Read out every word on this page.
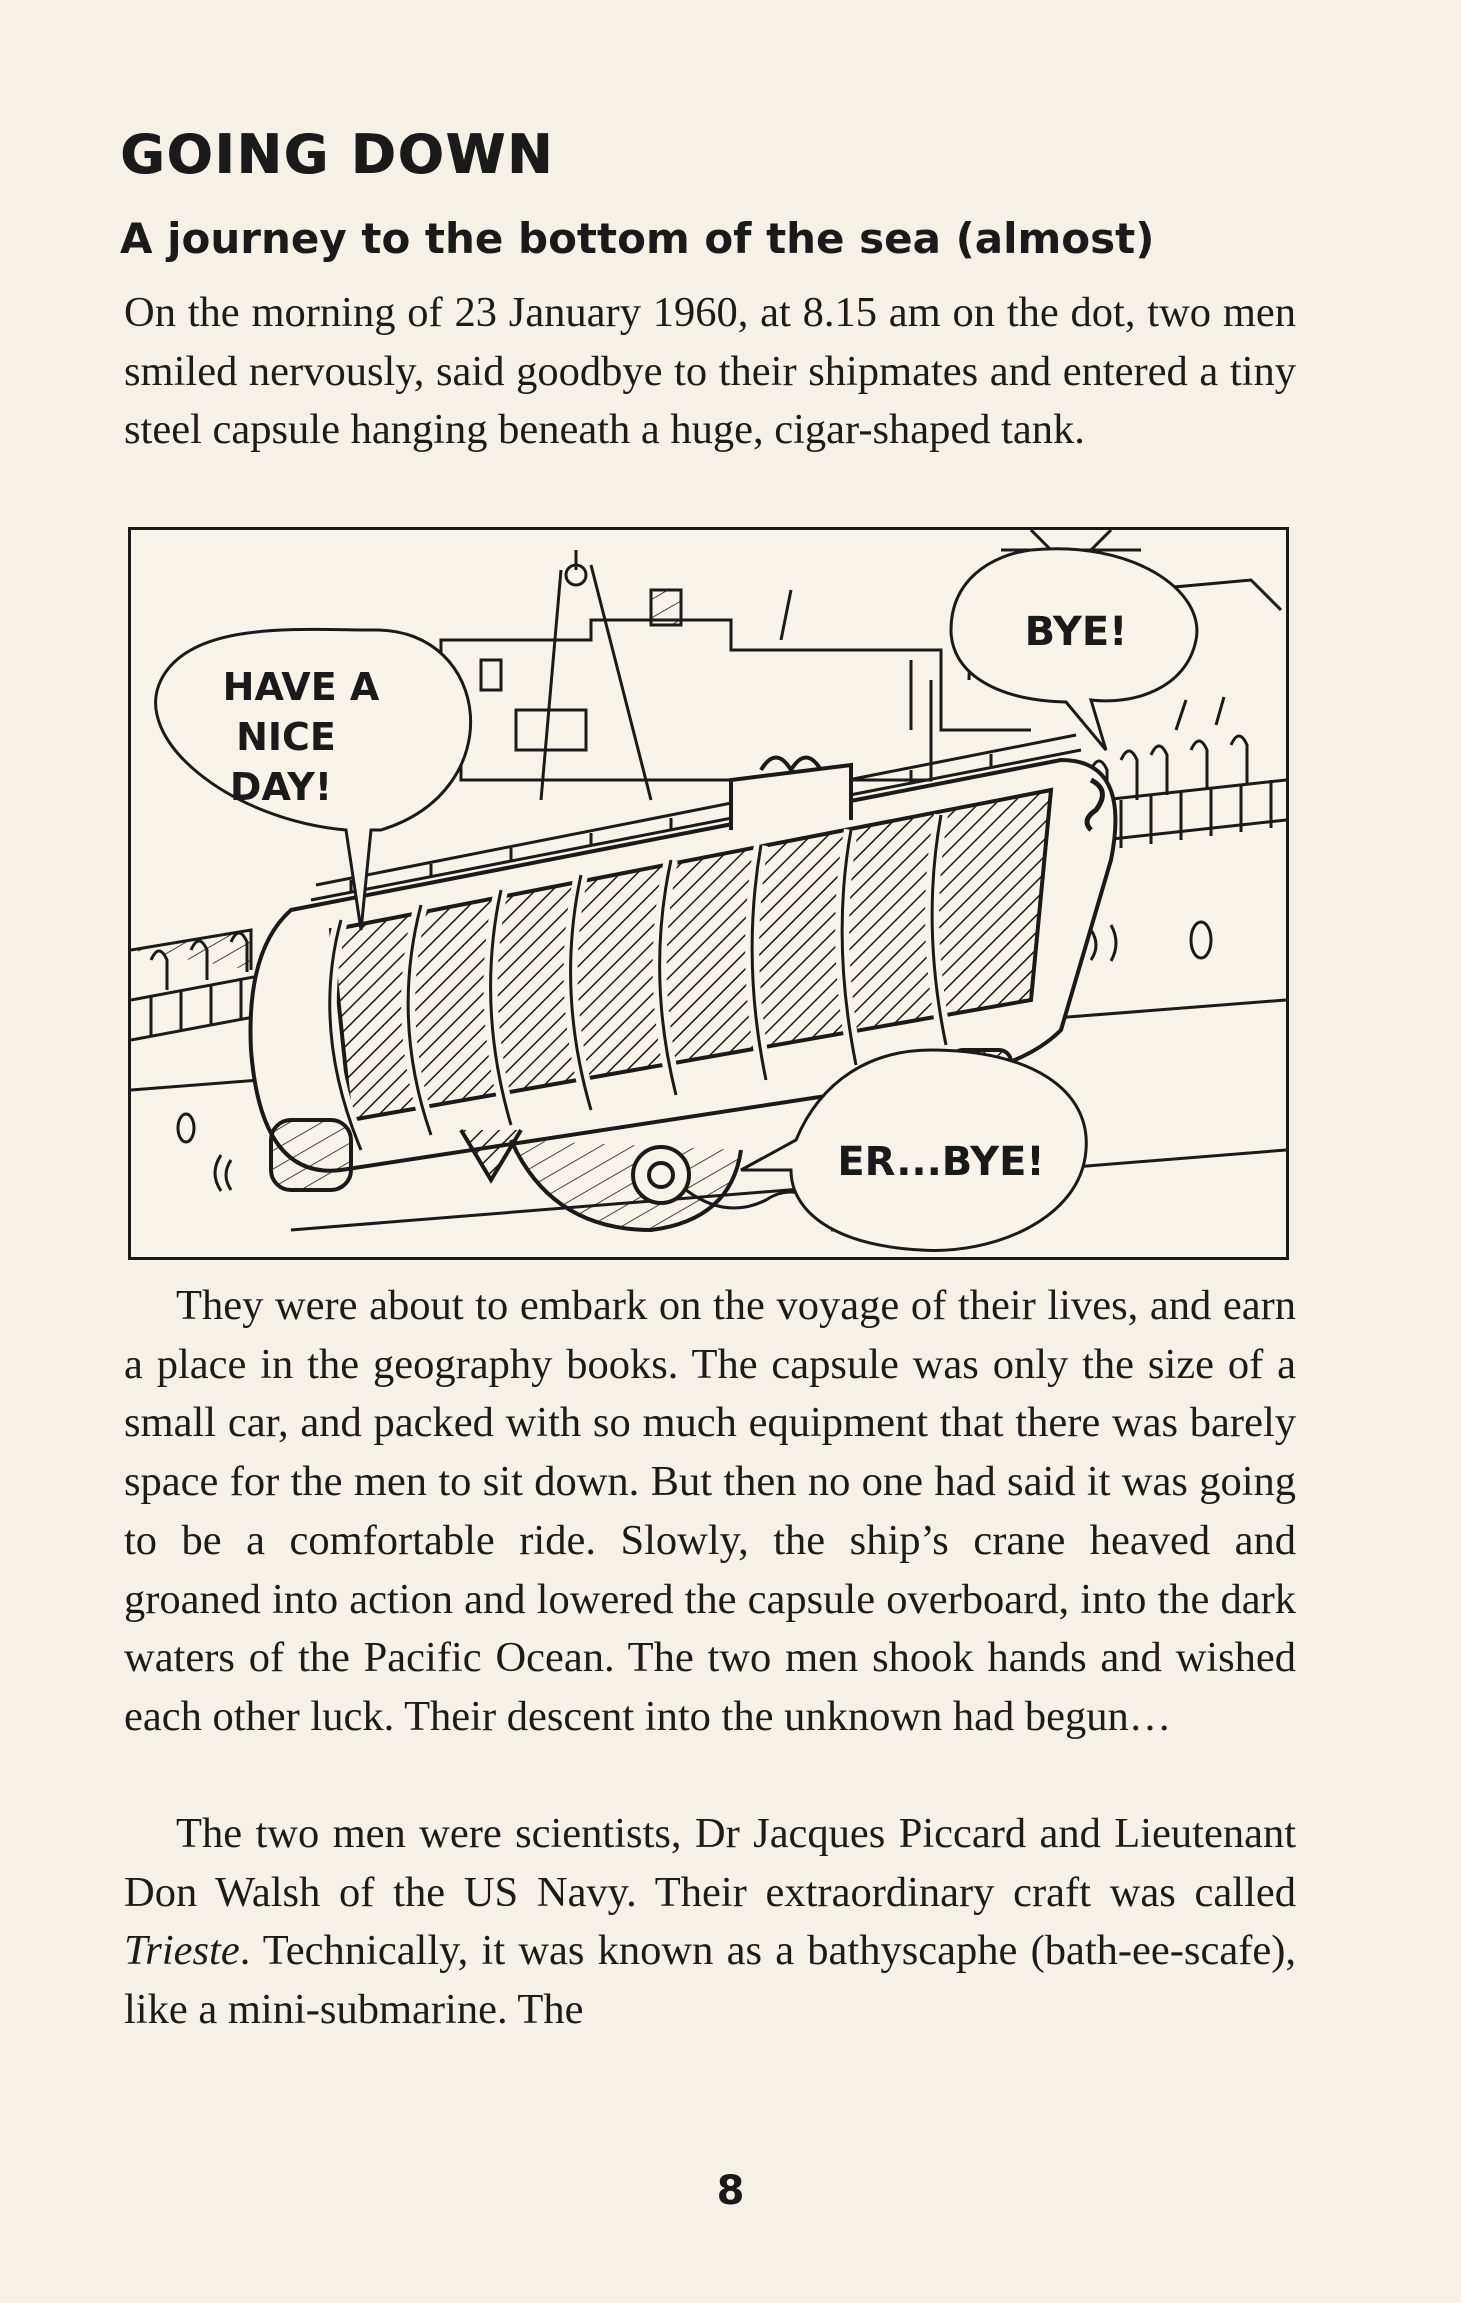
GOING DOWN
A journey to the bottom of the sea (almost)

On the morning of 23 January 1960, at 8.15 am on the dot, two men smiled nervously, said goodbye to their shipmates and entered a tiny steel capsule hanging beneath a huge, cigar-shaped tank.

HAVE A
NICE
DAY!
BYE!
ER...BYE!

They were about to embark on the voyage of their lives, and earn a place in the geography books. The capsule was only the size of a small car, and packed with so much equipment that there was barely space for the men to sit down. But then no one had said it was going to be a comfortable ride. Slowly, the ship’s crane heaved and groaned into action and lowered the capsule overboard, into the dark waters of the Pacific Ocean. The two men shook hands and wished each other luck. Their descent into the unknown had begun…

The two men were scientists, Dr Jacques Piccard and Lieutenant Don Walsh of the US Navy. Their extraordinary craft was called Trieste. Technically, it was known as a bathyscaphe (bath-ee-scafe), like a mini-submarine. The

8
